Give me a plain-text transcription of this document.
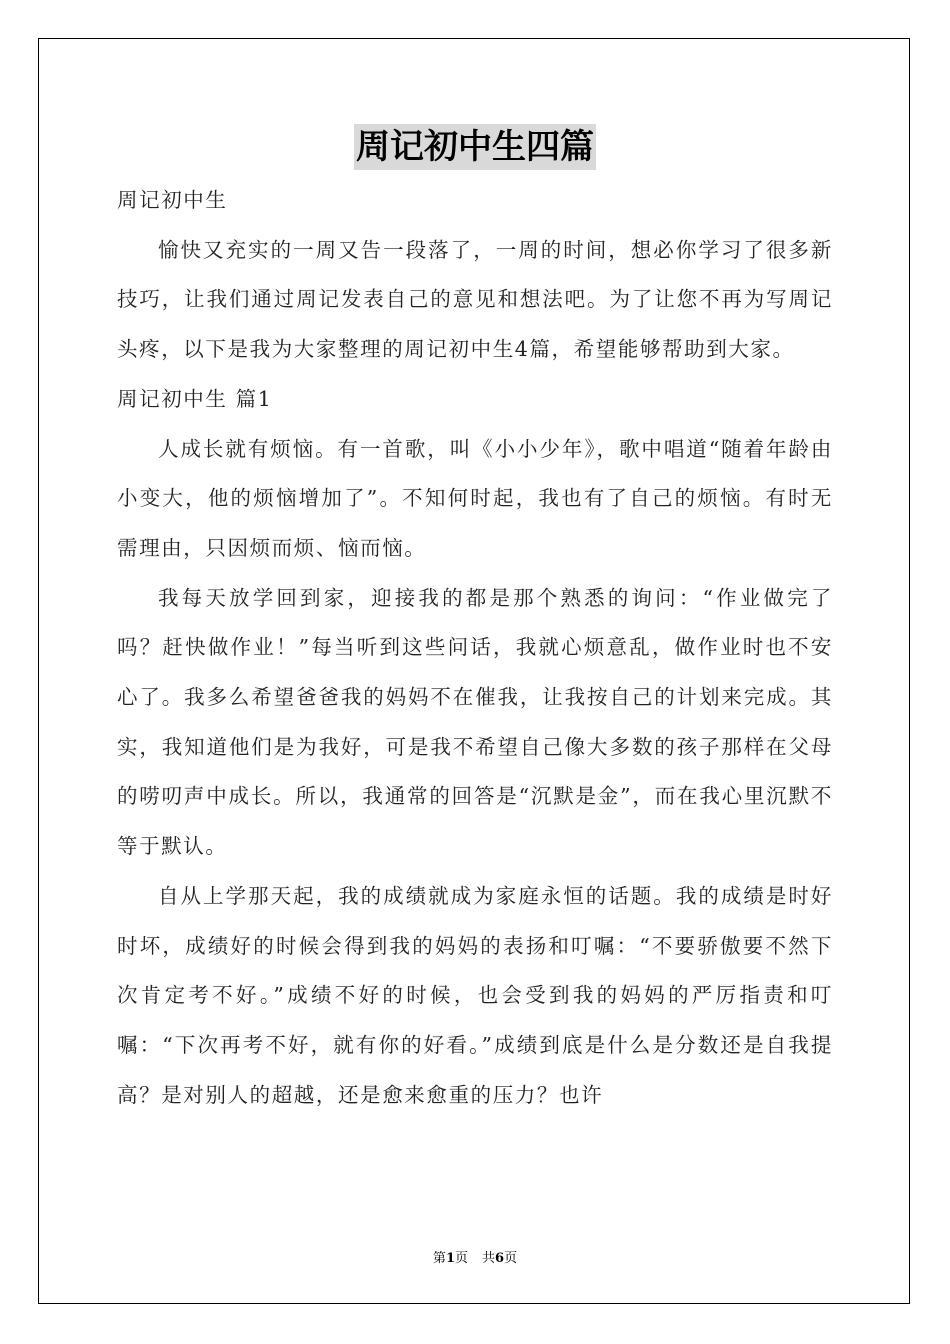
周记初中生四篇

周记初中生

愉快又充实的一周又告一段落了，一周的时间，想必你学习了很多新技巧，让我们通过周记发表自己的意见和想法吧。为了让您不再为写周记头疼，以下是我为大家整理的周记初中生4篇，希望能够帮助到大家。

周记初中生 篇1

人成长就有烦恼。有一首歌，叫《小小少年》，歌中唱道“随着年龄由小变大，他的烦恼增加了”。不知何时起，我也有了自己的烦恼。有时无需理由，只因烦而烦、恼而恼。

我每天放学回到家，迎接我的都是那个熟悉的询问：“作业做完了吗？赶快做作业！”每当听到这些问话，我就心烦意乱，做作业时也不安心了。我多么希望爸爸我的妈妈不在催我，让我按自己的计划来完成。其实，我知道他们是为我好，可是我不希望自己像大多数的孩子那样在父母的唠叨声中成长。所以，我通常的回答是“沉默是金”，而在我心里沉默不等于默认。

自从上学那天起，我的成绩就成为家庭永恒的话题。我的成绩是时好时坏，成绩好的时候会得到我的妈妈的表扬和叮嘱：“不要骄傲要不然下次肯定考不好。”成绩不好的时候，也会受到我的妈妈的严厉指责和叮嘱：“下次再考不好，就有你的好看。”成绩到底是什么是分数还是自我提高？是对别人的超越，还是愈来愈重的压力？也许

第1页 共6页
